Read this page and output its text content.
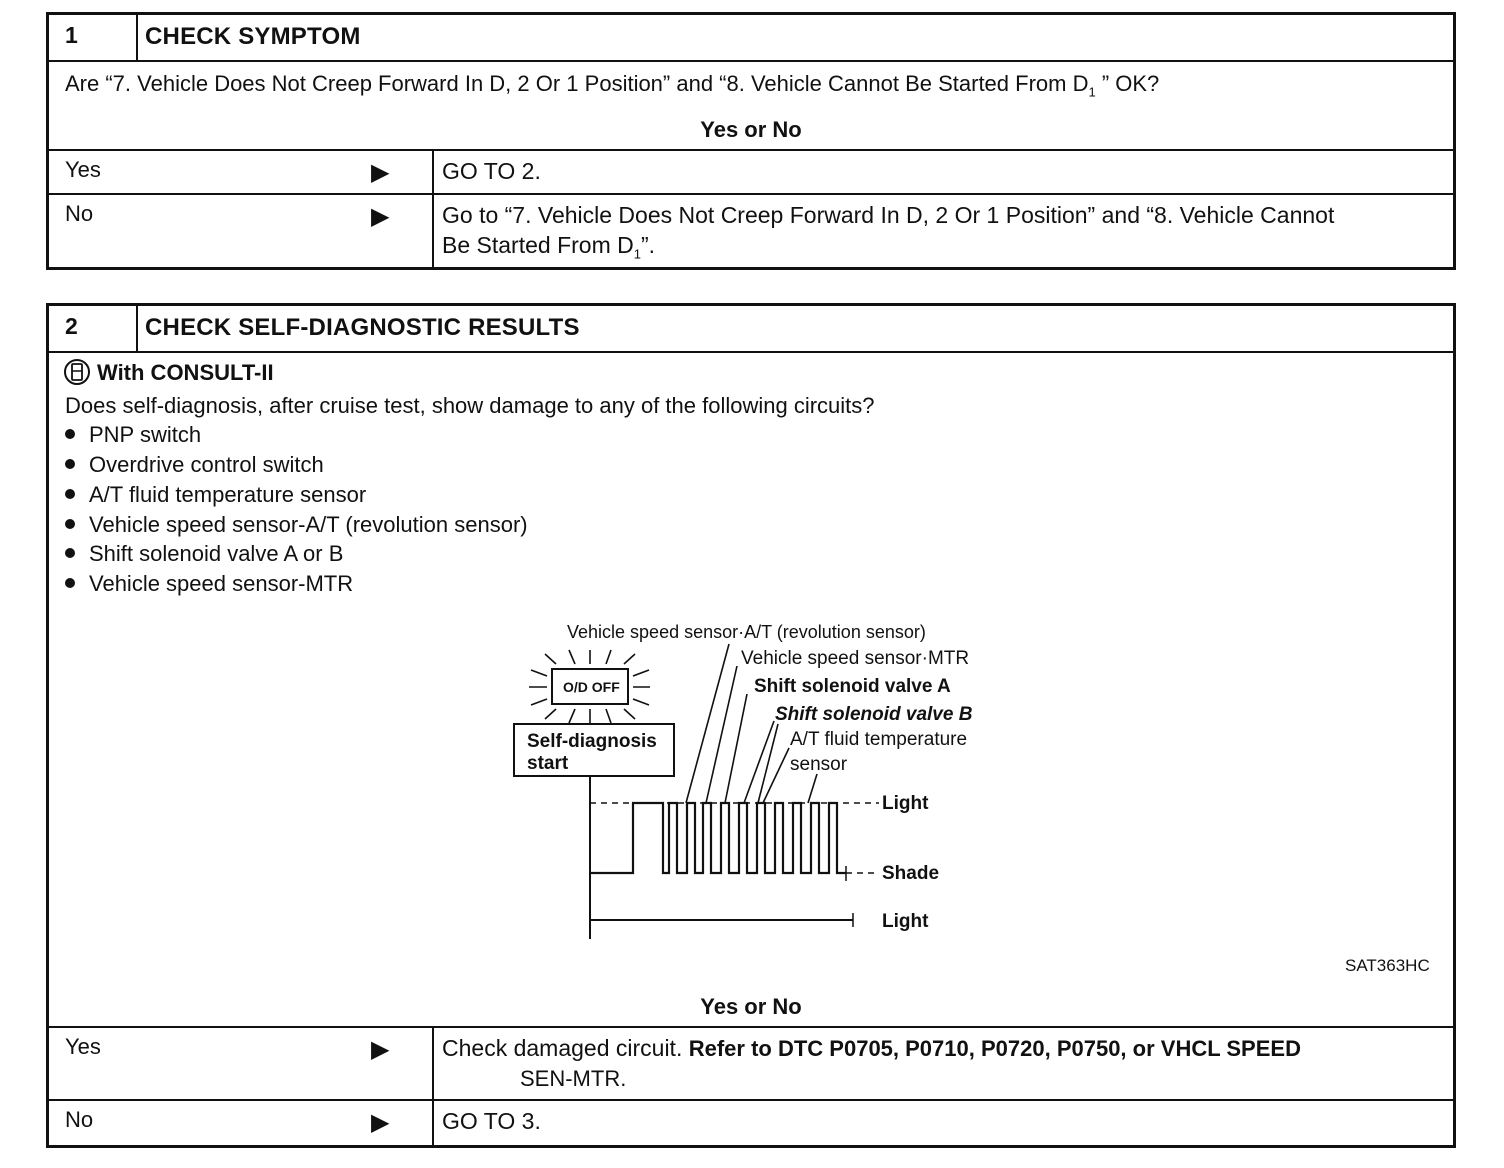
1	CHECK SYMPTOM
Are “7. Vehicle Does Not Creep Forward In D, 2 Or 1 Position” and “8. Vehicle Cannot Be Started From $D_1$ ” OK?
Yes or No
Yes	▶	GO TO 2.
No	▶ Go to “7. Vehicle Does Not Creep Forward In D, 2 Or 1 Position” and “8. Vehicle Cannot
Be Started From $D_1$”.
2	CHECK SELF-DIAGNOSTIC RESULTS
With CONSULT-II
Does self-diagnosis, after cruise test, show damage to any of the following circuits?
PNP switch
Overdrive control switch
A/T fluid temperature sensor
Vehicle speed sensor-A/T (revolution sensor)
Shift solenoid valve A or B
Vehicle speed sensor-MTR
Vehicle speed sensor·A/T (revolution sensor)
Vehicle speed sensor·MTR
Shift solenoid valve A
Shift solenoid valve B
A/T fluid temperature
sensor
O/D OFF
Self-diagnosis
start
Light
Shade
Light
SAT363HC
Yes or No
Yes	▶ Check damaged circuit. Refer to DTC P0705, P0710, P0720, P0750, or VHCL SPEED
SEN-MTR.
No	▶	GO TO 3.
